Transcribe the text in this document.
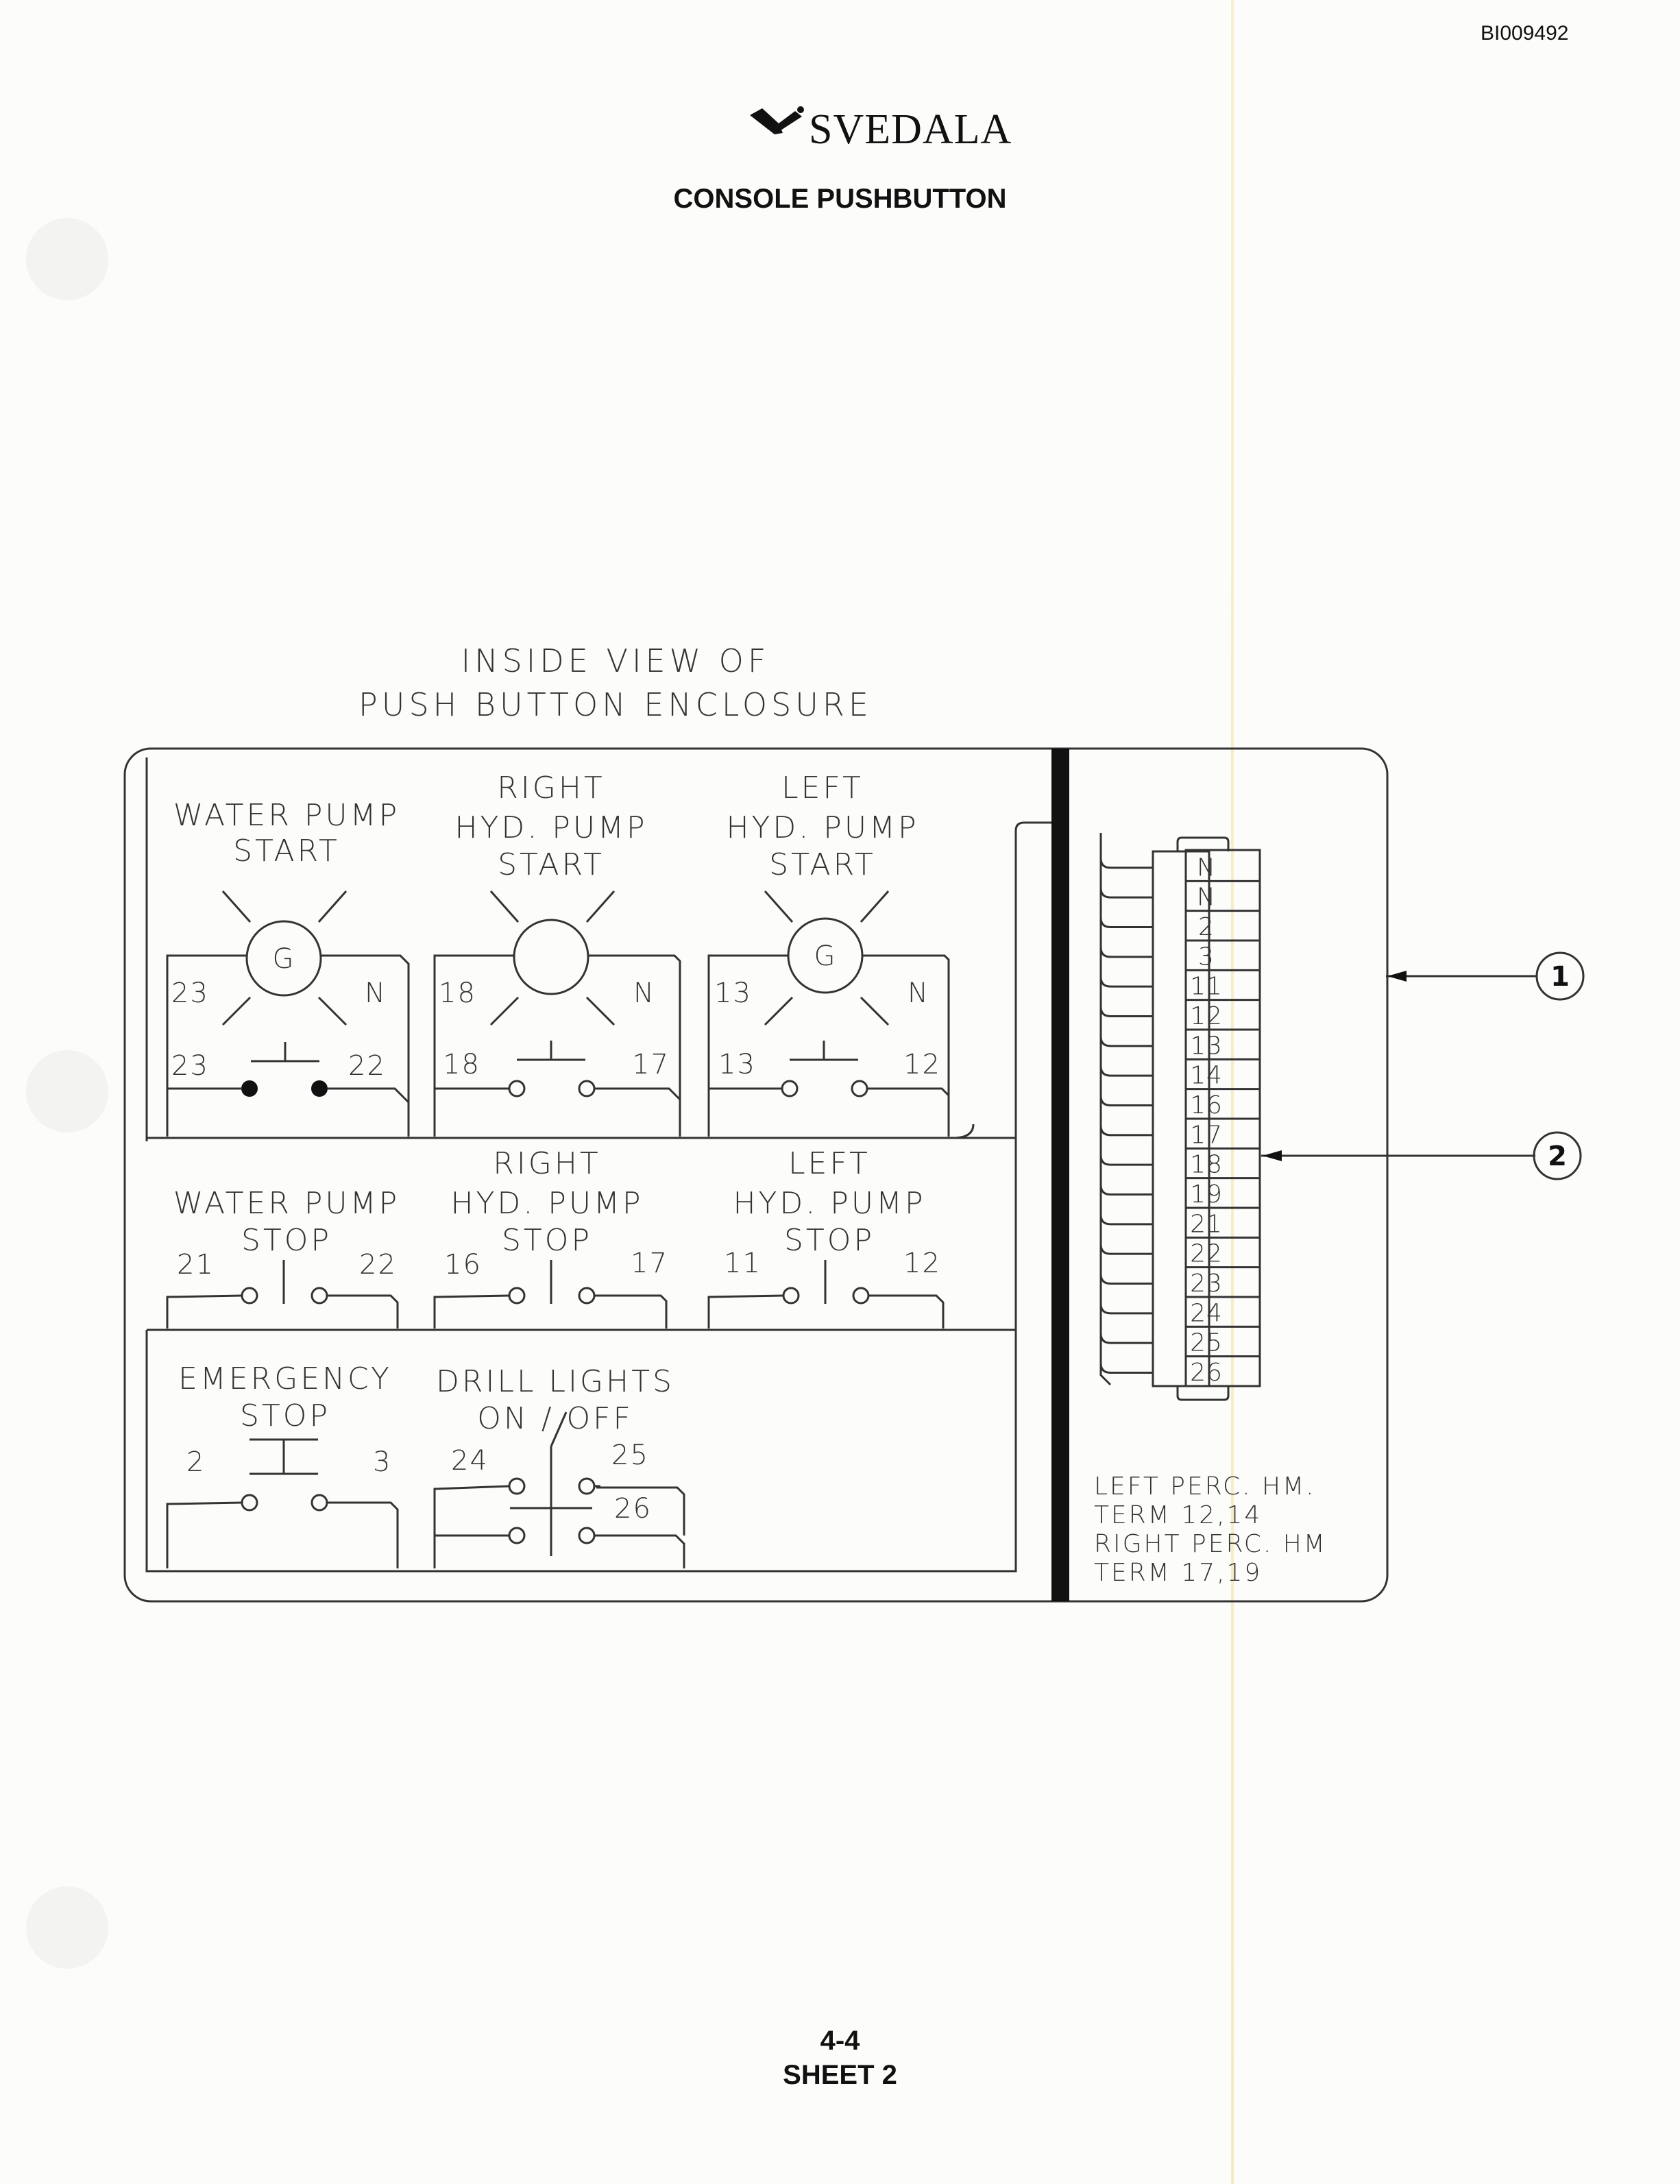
BI009492
SVEDALA
CONSOLE PUSHBUTTON
INSIDE VIEW OF
PUSH BUTTON ENCLOSURE
WATER PUMP
START
G
23	N
23	22
RIGHT
HYD. PUMP
START
18	N
18	17
LEFT
HYD. PUMP
START
G
13	N
13	12
WATER PUMP
STOP
21	22
RIGHT
HYD. PUMP
STOP
16	17
LEFT
HYD. PUMP
STOP
11	12
EMERGENCY
STOP
2	3
DRILL LIGHTS
ON / OFF
24	25
26
N
N
2
3
11
12
13
14
16
17
18
19
21
22
23
24
25
26
LEFT PERC. HM.
TERM 12,14
RIGHT PERC. HM
TERM 17,19
1
2
4-4
SHEET 2
